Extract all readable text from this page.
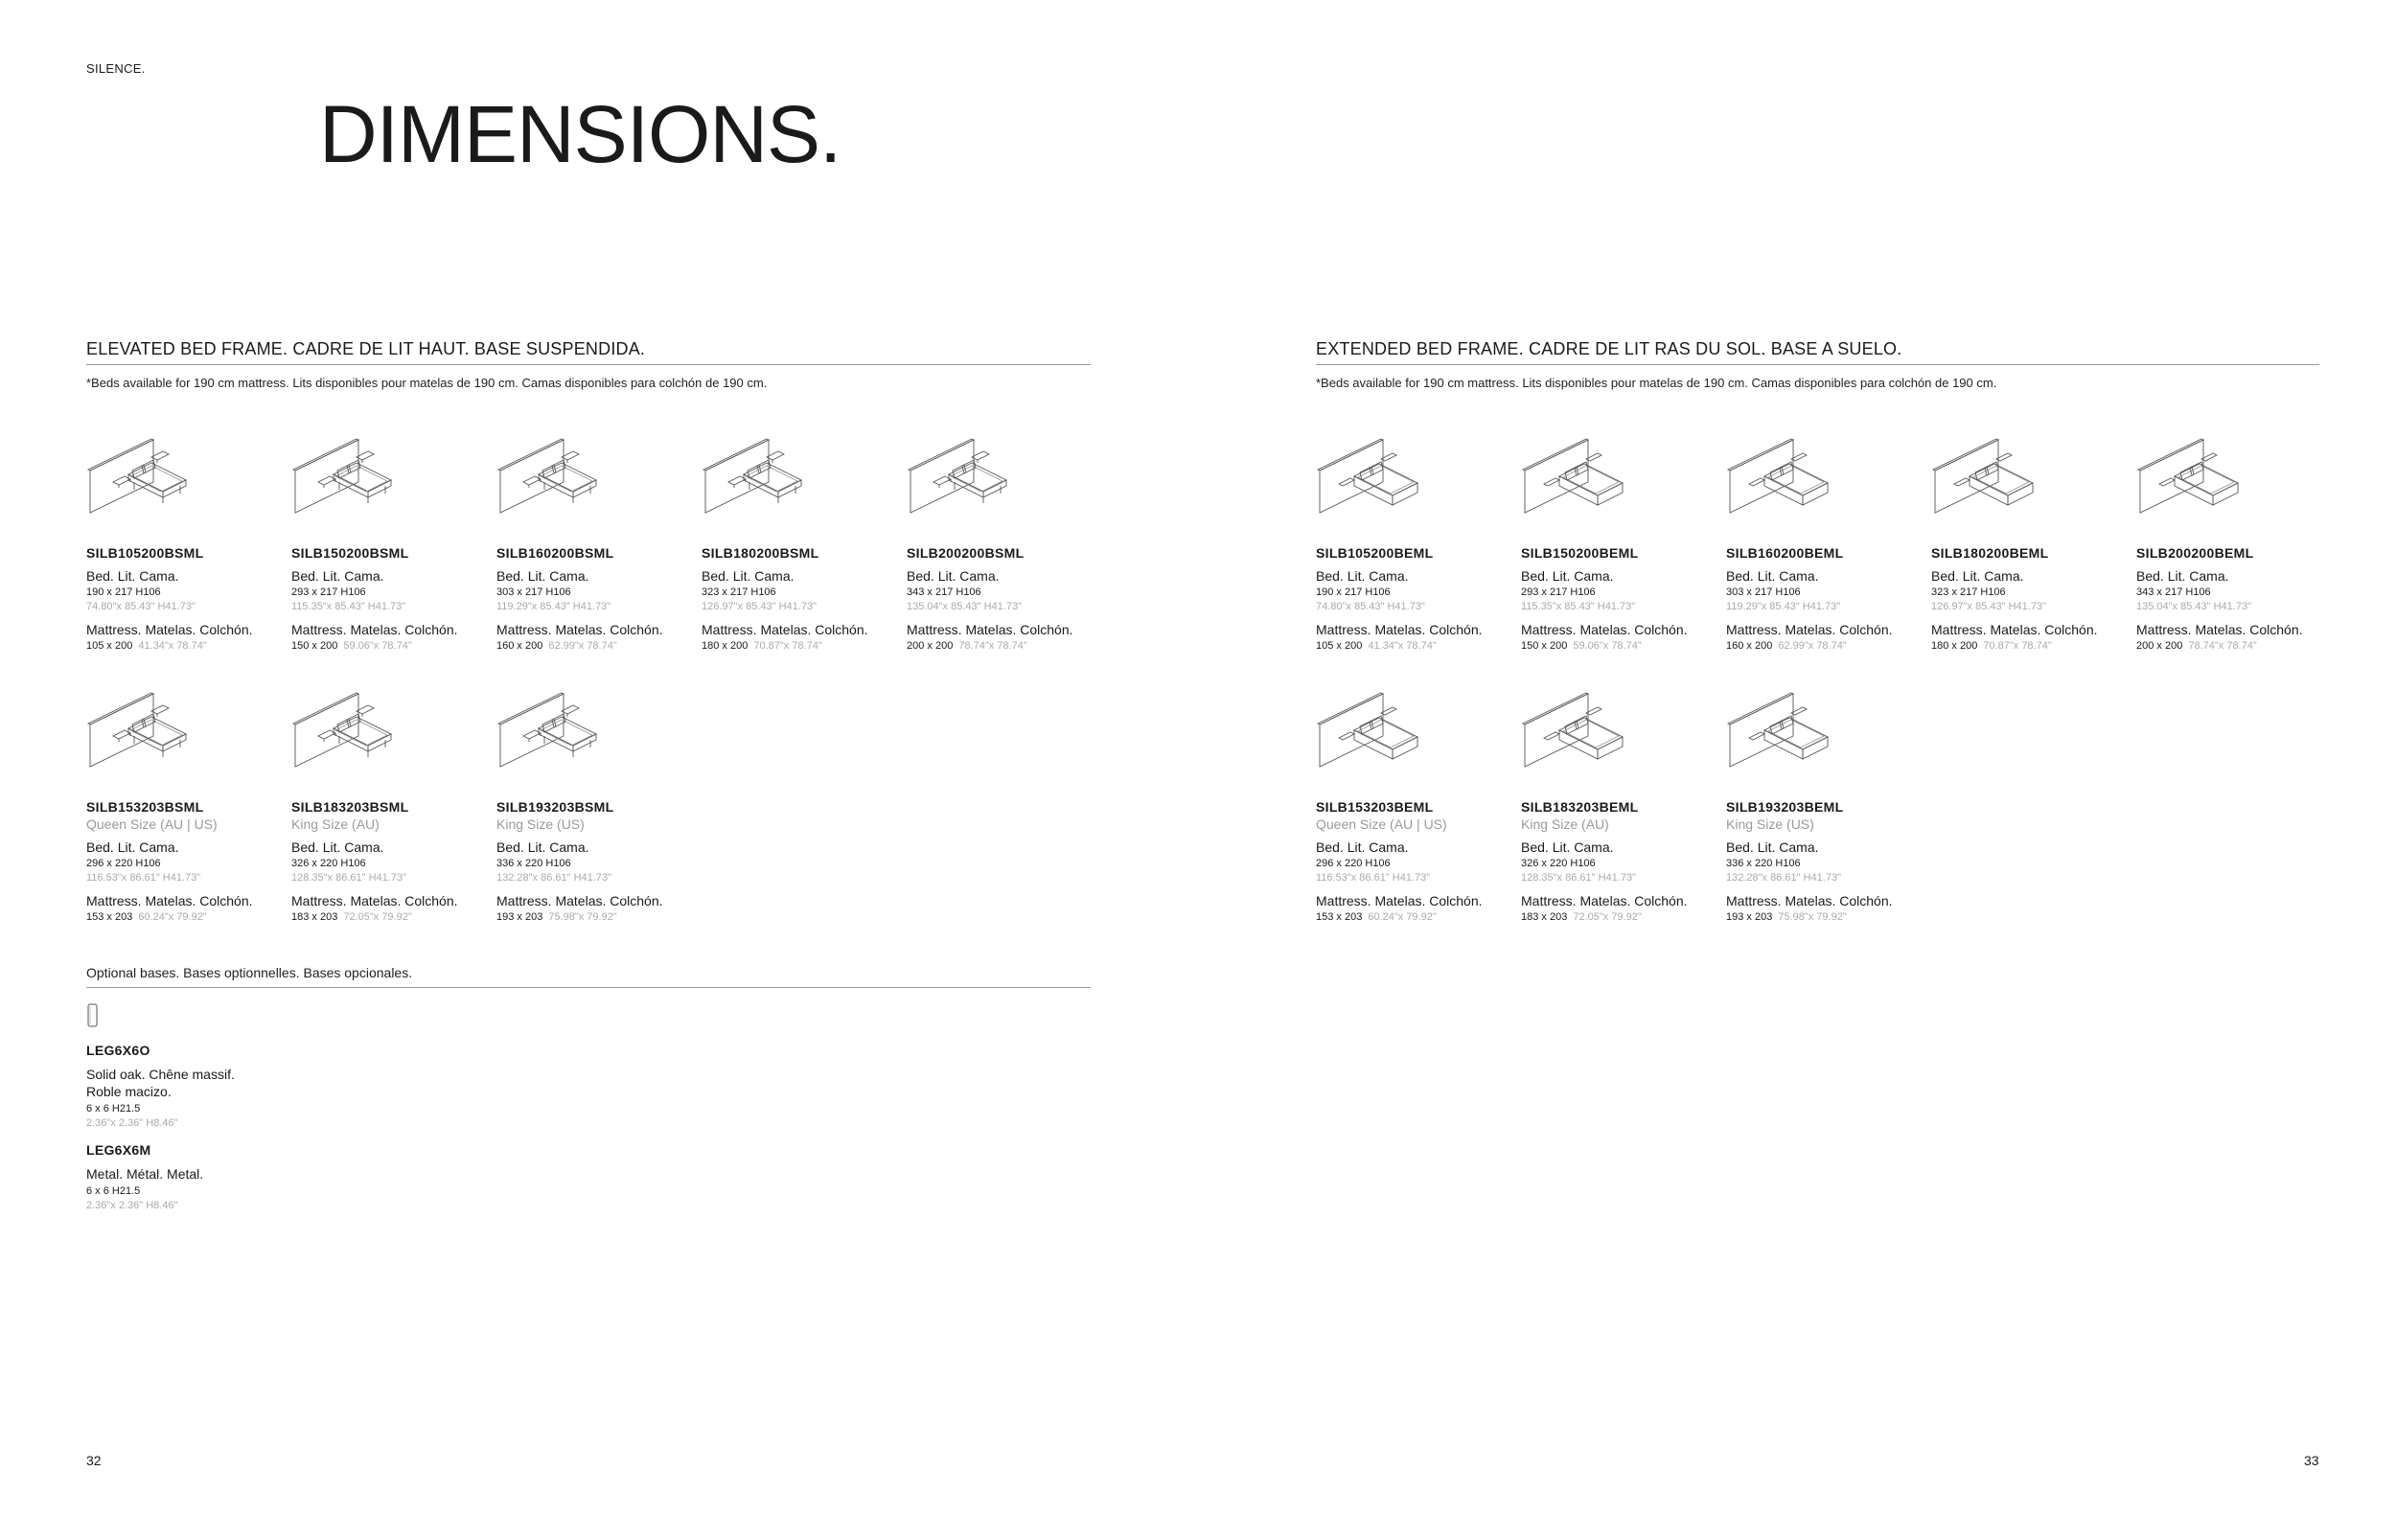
SILENCE.
DIMENSIONS.
ELEVATED BED FRAME. CADRE DE LIT HAUT. BASE SUSPENDIDA.
*Beds available for 190 cm mattress. Lits disponibles pour matelas de 190 cm. Camas disponibles para colchón de 190 cm.
SILB105200BSML
Bed. Lit. Cama.
190 x 217 H106
74.80"x 85.43" H41.73"
Mattress. Matelas. Colchón.
105 x 200 41.34"x 78.74"
SILB150200BSML
Bed. Lit. Cama.
293 x 217 H106
115.35"x 85.43" H41.73"
Mattress. Matelas. Colchón.
150 x 200 59.06"x 78.74"
SILB160200BSML
Bed. Lit. Cama.
303 x 217 H106
119.29"x 85.43" H41.73"
Mattress. Matelas. Colchón.
160 x 200 62.99"x 78.74"
SILB180200BSML
Bed. Lit. Cama.
323 x 217 H106
126.97"x 85.43" H41.73"
Mattress. Matelas. Colchón.
180 x 200 70.87"x 78.74"
SILB200200BSML
Bed. Lit. Cama.
343 x 217 H106
135.04"x 85.43" H41.73"
Mattress. Matelas. Colchón.
200 x 200 78.74"x 78.74"
SILB153203BSML
Queen Size (AU | US)
Bed. Lit. Cama.
296 x 220 H106
116.53"x 86.61" H41.73"
Mattress. Matelas. Colchón.
153 x 203 60.24"x 79.92"
SILB183203BSML
King Size (AU)
Bed. Lit. Cama.
326 x 220 H106
128.35"x 86.61" H41.73"
Mattress. Matelas. Colchón.
183 x 203 72.05"x 79.92"
SILB193203BSML
King Size (US)
Bed. Lit. Cama.
336 x 220 H106
132.28"x 86.61" H41.73"
Mattress. Matelas. Colchón.
193 x 203 75.98"x 79.92"
Optional bases. Bases optionnelles. Bases opcionales.
LEG6X6O
Solid oak. Chêne massif.
Roble macizo.
6 x 6 H21.5
2.36"x 2.36" H8.46"
LEG6X6M
Metal. Métal. Metal.
6 x 6 H21.5
2.36"x 2.36" H8.46"
32
EXTENDED BED FRAME. CADRE DE LIT RAS DU SOL. BASE A SUELO.
*Beds available for 190 cm mattress. Lits disponibles pour matelas de 190 cm. Camas disponibles para colchón de 190 cm.
SILB105200BEML
Bed. Lit. Cama.
190 x 217 H106
74.80"x 85.43" H41.73"
Mattress. Matelas. Colchón.
105 x 200 41.34"x 78.74"
SILB150200BEML
Bed. Lit. Cama.
293 x 217 H106
115.35"x 85.43" H41.73"
Mattress. Matelas. Colchón.
150 x 200 59.06"x 78.74"
SILB160200BEML
Bed. Lit. Cama.
303 x 217 H106
119.29"x 85.43" H41.73"
Mattress. Matelas. Colchón.
160 x 200 62.99"x 78.74"
SILB180200BEML
Bed. Lit. Cama.
323 x 217 H106
126.97"x 85.43" H41.73"
Mattress. Matelas. Colchón.
180 x 200 70.87"x 78.74"
SILB200200BEML
Bed. Lit. Cama.
343 x 217 H106
135.04"x 85.43" H41.73"
Mattress. Matelas. Colchón.
200 x 200 78.74"x 78.74"
SILB153203BEML
Queen Size (AU | US)
Bed. Lit. Cama.
296 x 220 H106
116.53"x 86.61" H41.73"
Mattress. Matelas. Colchón.
153 x 203 60.24"x 79.92"
SILB183203BEML
King Size (AU)
Bed. Lit. Cama.
326 x 220 H106
128.35"x 86.61" H41.73"
Mattress. Matelas. Colchón.
183 x 203 72.05"x 79.92"
SILB193203BEML
King Size (US)
Bed. Lit. Cama.
336 x 220 H106
132.28"x 86.61" H41.73"
Mattress. Matelas. Colchón.
193 x 203 75.98"x 79.92"
33
